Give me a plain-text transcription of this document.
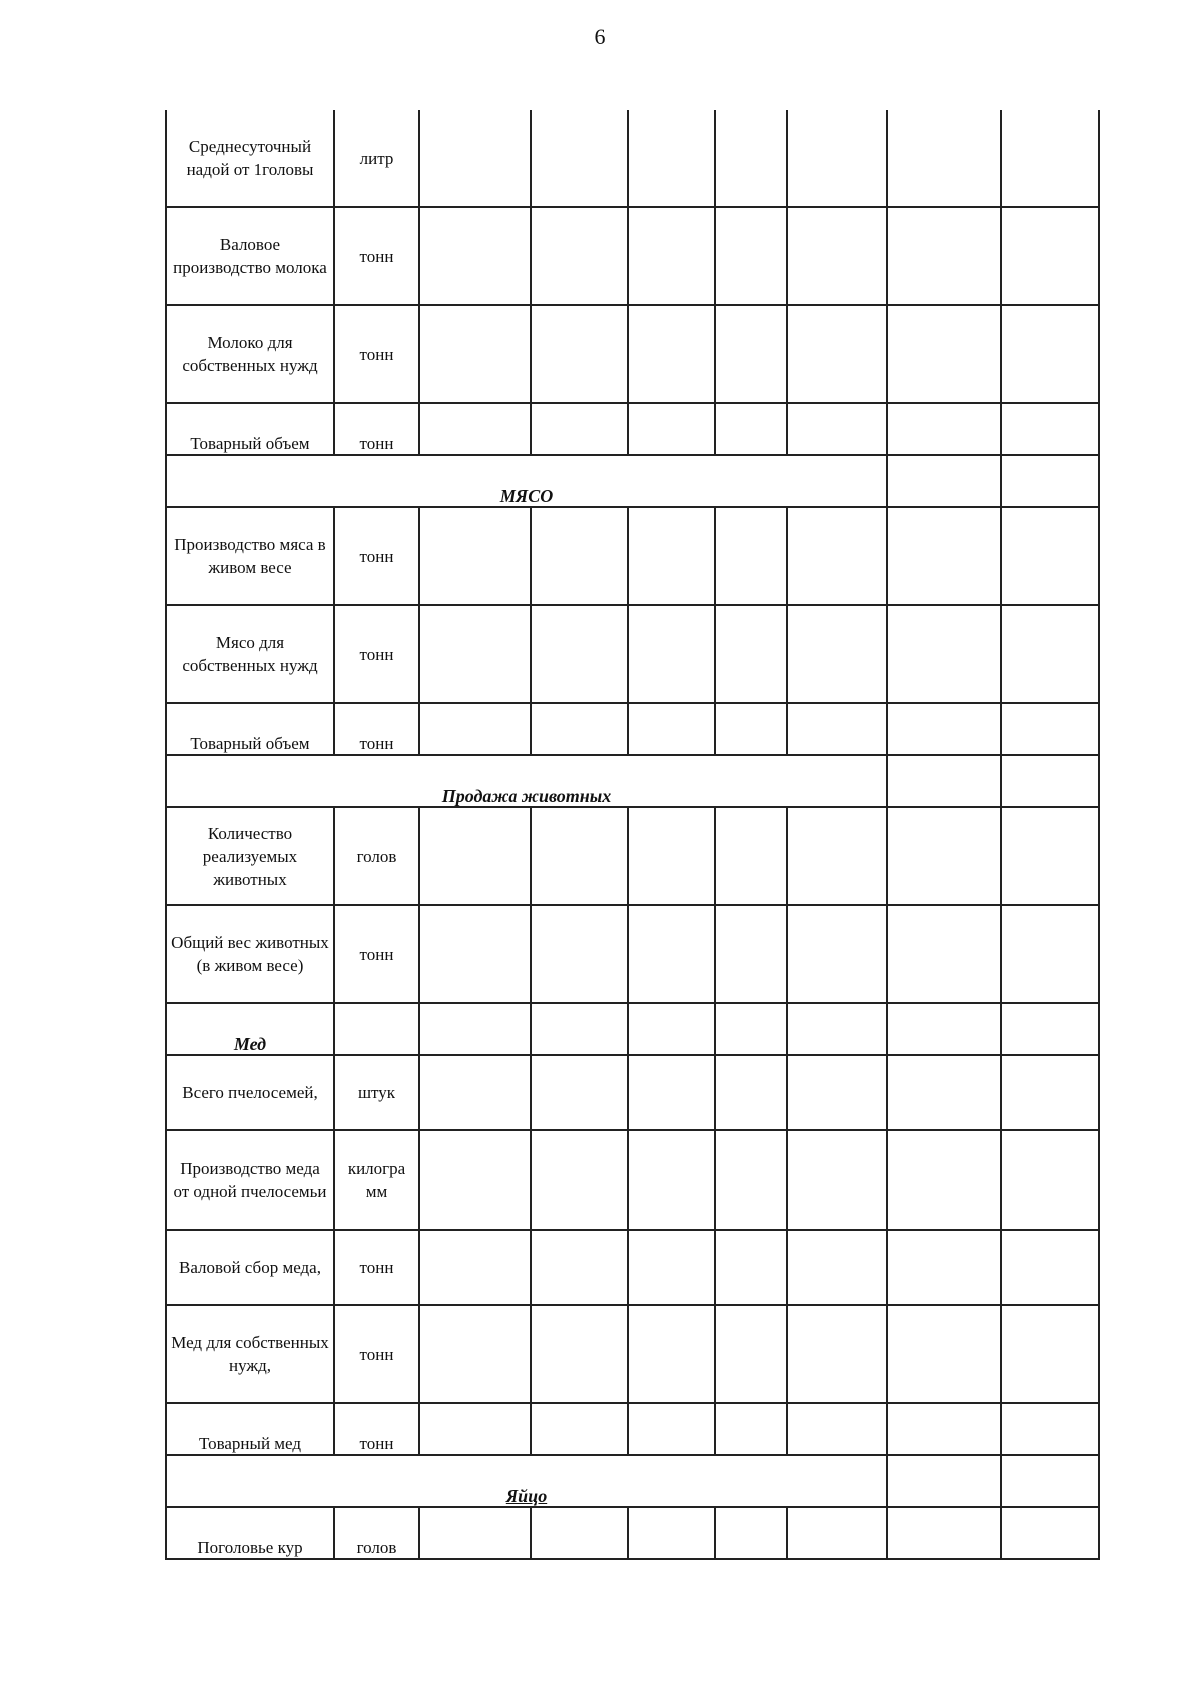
6
Среднесуточный надой от 1головы	литр							
Валовое производство молока	тонн							
Молоко для собственных нужд	тонн							
Товарный объем	тонн							
МЯСО								
Производство мяса в живом весе	тонн							
Мясо для собственных нужд	тонн							
Товарный объем	тонн							
Продажа животных								
Количество реализуемых животных	голов							
Общий вес животных (в живом весе)	тонн							
Мед								
Всего пчелосемей,	штук							
Производство меда от одной пчелосемьи	килограмм							
Валовой сбор меда,	тонн							
Мед для собственных нужд,	тонн							
Товарный мед	тонн							
Яйцо								
Поголовье кур	голов							
